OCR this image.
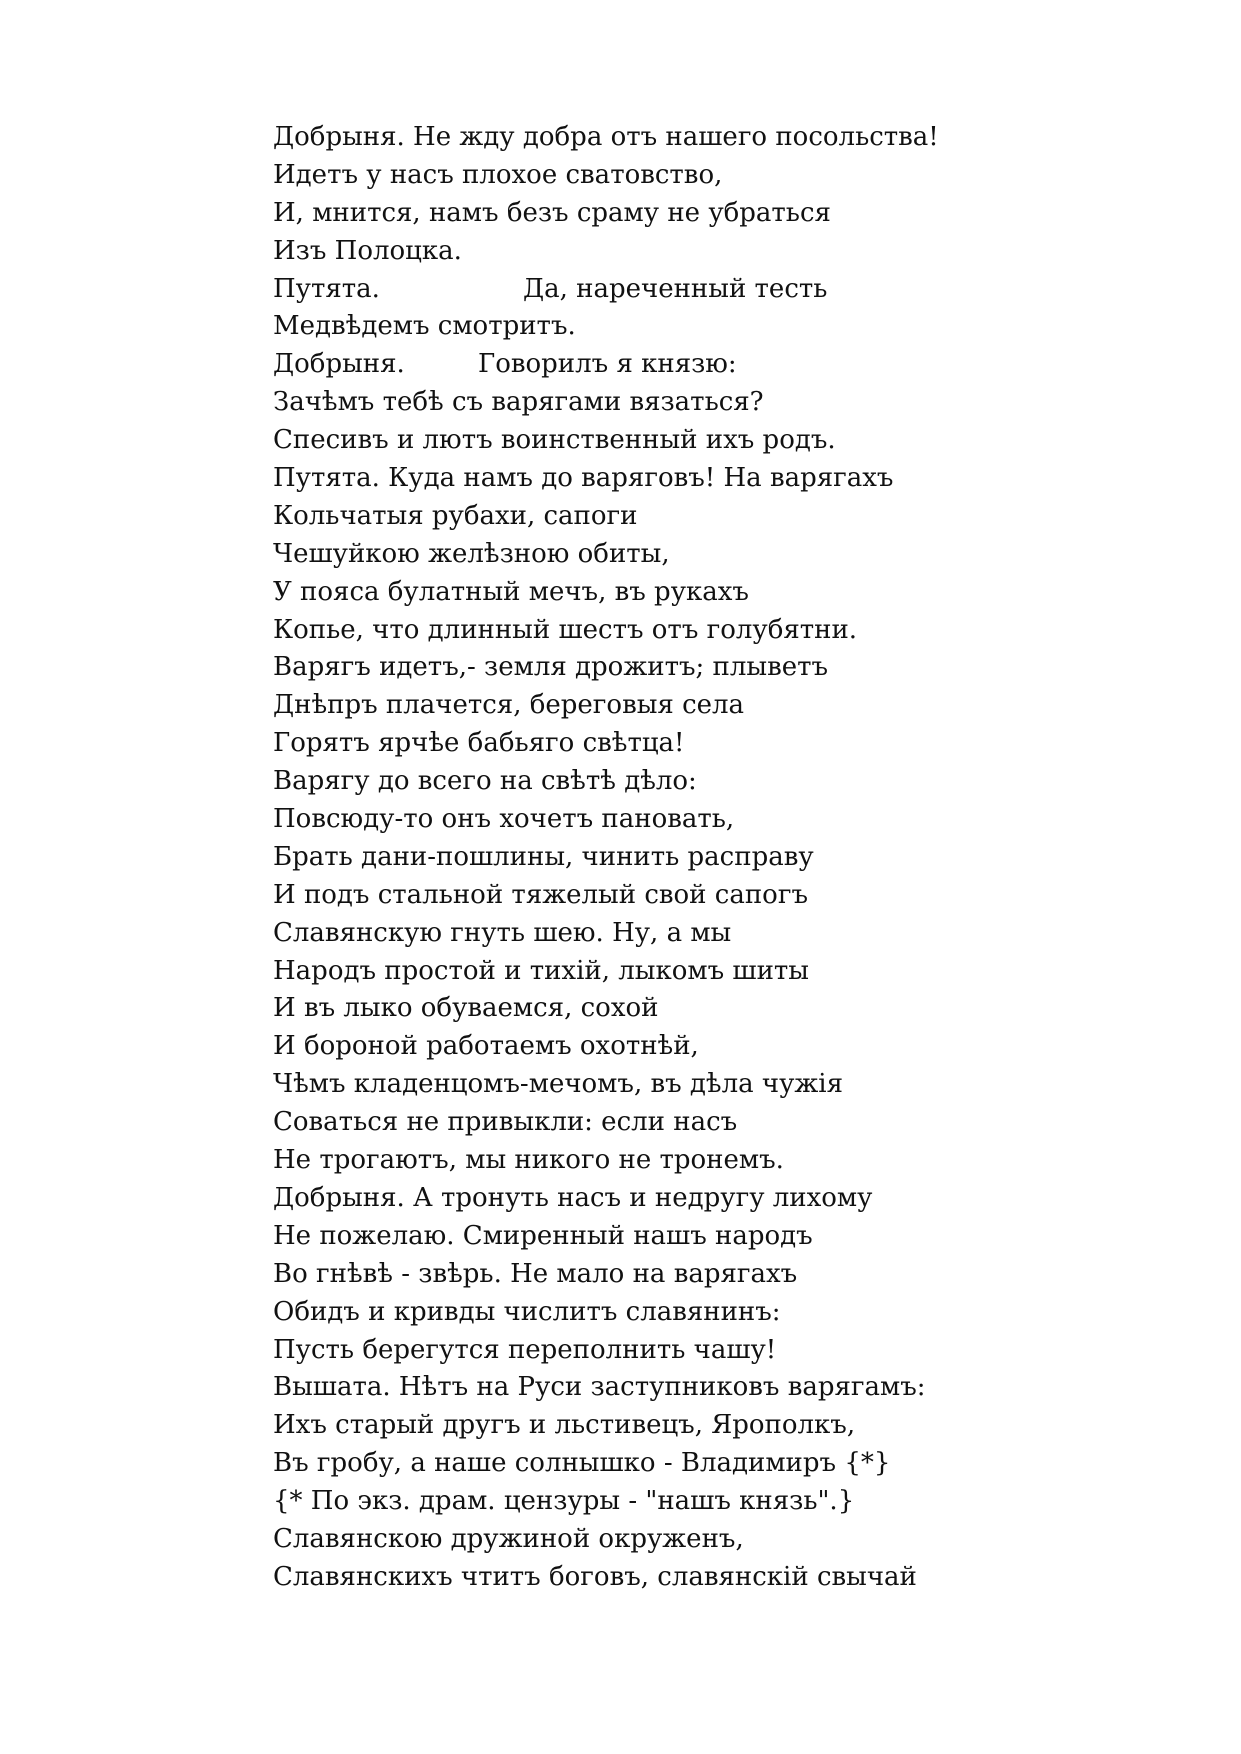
Добрыня. Не жду добра отъ нашего посольства!
Идетъ у насъ плохое сватовство,
И, мнится, намъ безъ сраму не убраться
Изъ Полоцка.
Путята.	Да, нареченный тесть
Медвѣдемъ смотритъ.
Добрыня.	Говорилъ я князю:
Зачѣмъ тебѣ съ варягами вязаться?
Спесивъ и лютъ воинственный ихъ родъ.
Путята. Куда намъ до варяговъ! На варягахъ
Кольчатыя рубахи, сапоги
Чешуйкою желѣзною обиты,
У пояса булатный мечъ, въ рукахъ
Копье, что длинный шестъ отъ голубятни.
Варягъ идетъ,- земля дрожитъ; плыветъ
Днѣпръ плачется, береговыя села
Горятъ ярчѣе бабьяго свѣтца!
Варягу до всего на свѣтѣ дѣло:
Повсюду-то онъ хочетъ пановать,
Брать дани-пошлины, чинить расправу
И подъ стальной тяжелый свой сапогъ
Славянскую гнуть шею. Ну, а мы
Народъ простой и тихій, лыкомъ шиты
И въ лыко обуваемся, сохой
И бороной работаемъ охотнѣй,
Чѣмъ кладенцомъ-мечомъ, въ дѣла чужія
Соваться не привыкли: если насъ
Не трогаютъ, мы никого не тронемъ.
Добрыня. А тронуть насъ и недругу лихому
Не пожелаю. Смиренный нашъ народъ
Во гнѣвѣ - звѣрь. Не мало на варягахъ
Обидъ и кривды числитъ славянинъ:
Пусть берегутся переполнить чашу!
Вышата. Нѣтъ на Руси заступниковъ варягамъ:
Ихъ старый другъ и льстивецъ, Ярополкъ,
Въ гробу, а наше солнышко - Владимиръ {*}
{* По экз. драм. цензуры - "нашъ князь".}
Славянскою дружиной окруженъ,
Славянскихъ чтитъ боговъ, славянскій свычай
